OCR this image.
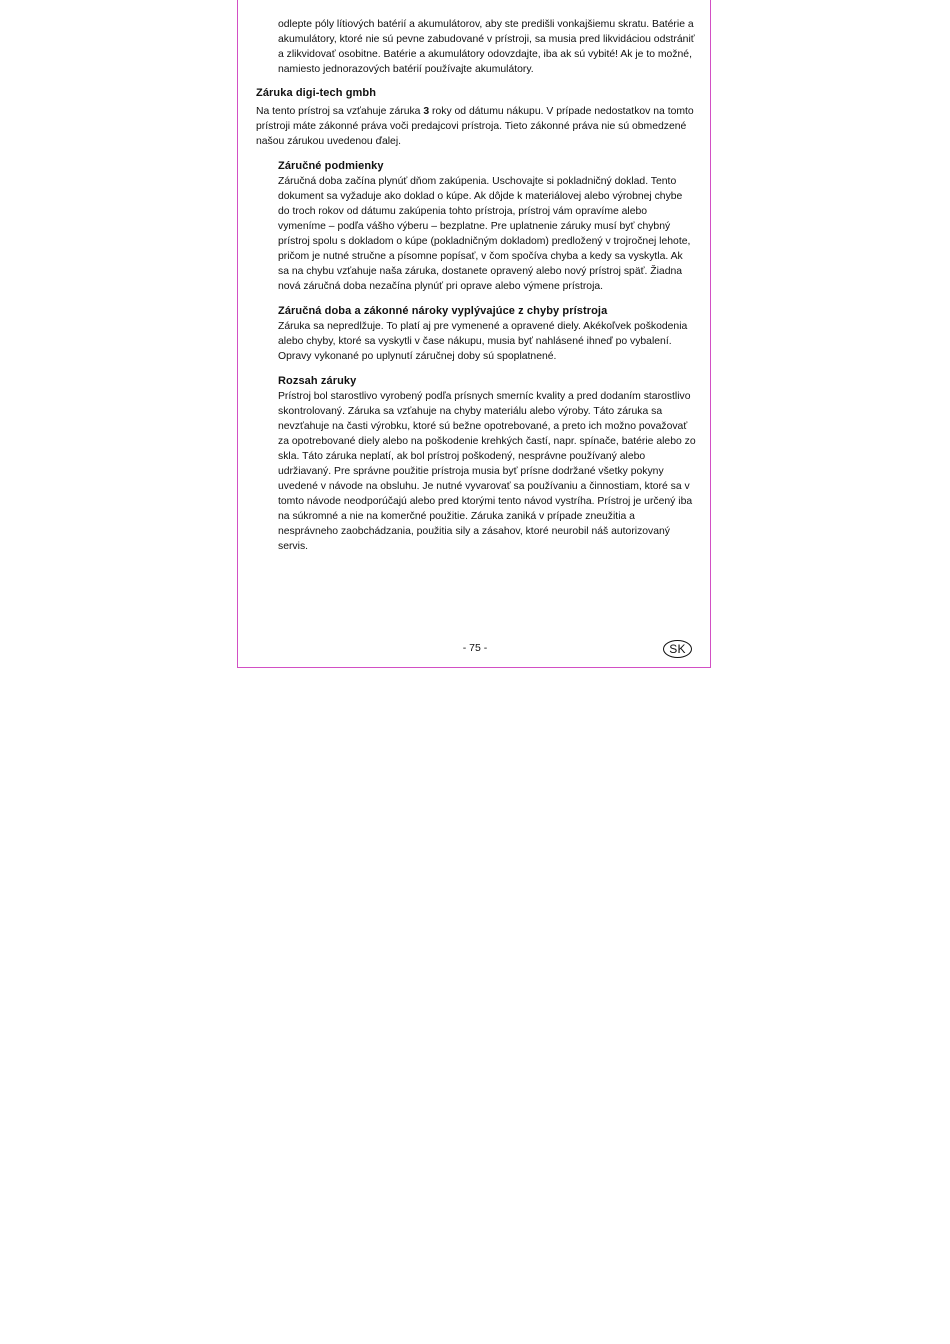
odlepte póly lítiových batérií a akumulátorov, aby ste predišli vonkajšiemu skratu. Batérie a akumulátory, ktoré nie sú pevne zabudované v prístroji, sa musia pred likvidáciou odstrániť a zlikvidovať osobitne. Batérie a akumulátory odovzdajte, iba ak sú vybité! Ak je to možné, namiesto jednorazových batérií používajte akumulátory.

Záruka digi-tech gmbh

Na tento prístroj sa vzťahuje záruka 3 roky od dátumu nákupu. V prípade nedostatkov na tomto prístroji máte zákonné práva voči predajcovi prístroja. Tieto zákonné práva nie sú obmedzené našou zárukou uvedenou ďalej.

Záručné podmienky

Záručná doba začína plynúť dňom zakúpenia. Uschovajte si pokladničný doklad. Tento dokument sa vyžaduje ako doklad o kúpe. Ak dôjde k materiálovej alebo výrobnej chybe do troch rokov od dátumu zakúpenia tohto prístroja, prístroj vám opravíme alebo vymeníme – podľa vášho výberu – bezplatne. Pre uplatnenie záruky musí byť chybný prístroj spolu s dokladom o kúpe (pokladničným dokladom) predložený v trojročnej lehote, pričom je nutné stručne a písomne popísať, v čom spočíva chyba a kedy sa vyskytla. Ak sa na chybu vzťahuje naša záruka, dostanete opravený alebo nový prístroj späť. Žiadna nová záručná doba nezačína plynúť pri oprave alebo výmene prístroja.

Záručná doba a zákonné nároky vyplývajúce z chyby prístroja

Záruka sa nepredlžuje. To platí aj pre vymenené a opravené diely. Akékoľvek poškodenia alebo chyby, ktoré sa vyskytli v čase nákupu, musia byť nahlásené ihneď po vybalení. Opravy vykonané po uplynutí záručnej doby sú spoplatnené.

Rozsah záruky

Prístroj bol starostlivo vyrobený podľa prísnych smerníc kvality a pred dodaním starostlivo skontrolovaný. Záruka sa vzťahuje na chyby materiálu alebo výroby. Táto záruka sa nevzťahuje na časti výrobku, ktoré sú bežne opotrebované, a preto ich možno považovať za opotrebované diely alebo na poškodenie krehkých častí, napr. spínače, batérie alebo zo skla. Táto záruka neplatí, ak bol prístroj poškodený, nesprávne používaný alebo udržiavaný. Pre správne použitie prístroja musia byť prísne dodržané všetky pokyny uvedené v návode na obsluhu. Je nutné vyvarovať sa používaniu a činnostiam, ktoré sa v tomto návode neodporúčajú alebo pred ktorými tento návod vystríha. Prístroj je určený iba na súkromné a nie na komerčné použitie. Záruka zaniká v prípade zneužitia a nesprávneho zaobchádzania, použitia sily a zásahov, ktoré neurobil náš autorizovaný servis.

- 75 -	SK
